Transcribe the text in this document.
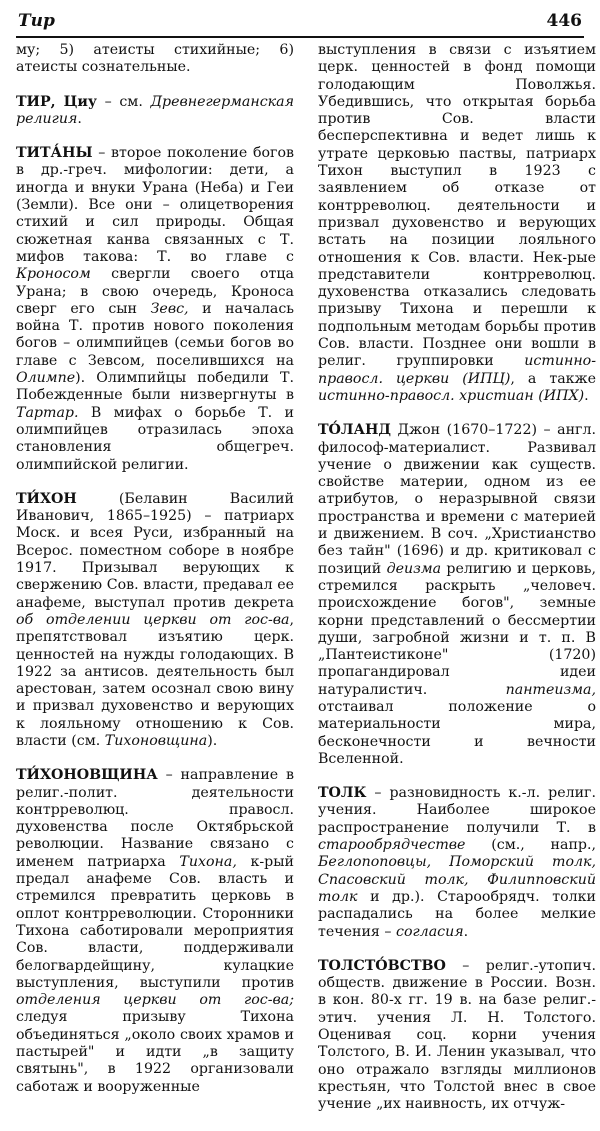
Тир	446

му; 5) атеисты стихийные; 6) атеисты сознательные.

ТИР, Циу – см. Древнегерманская религия.

ТИТА́НЫ – второе поколение богов в др.-греч. мифологии: дети, а иногда и внуки Урана (Неба) и Геи (Земли). Все они – олицетворения стихий и сил природы. Общая сюжетная канва связанных с Т. мифов такова: Т. во главе с Кроносом свергли своего отца Урана; в свою очередь, Кроноса сверг его сын Зевс, и началась война Т. против нового поколения богов – олимпийцев (семьи богов во главе с Зевсом, поселившихся на Олимпе). Олимпийцы победили Т. Побежденные были низвергнуты в Тартар. В мифах о борьбе Т. и олимпийцев отразилась эпоха становления общегреч. олимпийской религии.

ТИ́ХОН (Белавин Василий Иванович, 1865–1925) – патриарх Моск. и всея Руси, избранный на Всерос. поместном соборе в ноябре 1917. Призывал верующих к свержению Сов. власти, предавал ее анафеме, выступал против декрета об отделении церкви от гос-ва, препятствовал изъятию церк. ценностей на нужды голодающих. В 1922 за антисов. деятельность был арестован, затем осознал свою вину и призвал духовенство и верующих к лояльному отношению к Сов. власти (см. Тихоновщина).

ТИ́ХОНОВЩИНА – направление в религ.-полит. деятельности контрреволюц. правосл. духовенства после Октябрьской революции. Название связано с именем патриарха Тихона, к-рый предал анафеме Сов. власть и стремился превратить церковь в оплот контрреволюции. Сторонники Тихона саботировали мероприятия Сов. власти, поддерживали белогвардейщину, кулацкие выступления, выступили против отделения церкви от гос-ва; следуя призыву Тихона объединяться „около своих храмов и пастырей" и идти „в защиту святынь", в 1922 организовали саботаж и вооруженные

выступления в связи с изъятием церк. ценностей в фонд помощи голодающим Поволжья. Убедившись, что открытая борьба против Сов. власти бесперспективна и ведет лишь к утрате церковью паствы, патриарх Тихон выступил в 1923 с заявлением об отказе от контрреволюц. деятельности и призвал духовенство и верующих встать на позиции лояльного отношения к Сов. власти. Нек-рые представители контрреволюц. духовенства отказались следовать призыву Тихона и перешли к подпольным методам борьбы против Сов. власти. Позднее они вошли в религ. группировки истинно-правосл. церкви (ИПЦ), а также истинно-правосл. христиан (ИПХ).

ТО́ЛАНД Джон (1670–1722) – англ. философ-материалист. Развивал учение о движении как существ. свойстве материи, одном из ее атрибутов, о неразрывной связи пространства и времени с материей и движением. В соч. „Христианство без тайн" (1696) и др. критиковал с позиций деизма религию и церковь, стремился раскрыть „человеч. происхождение богов", земные корни представлений о бессмертии души, загробной жизни и т. п. В „Пантеистиконе" (1720) пропагандировал идеи натуралистич. пантеизма, отстаивал положение о материальности мира, бесконечности и вечности Вселенной.

ТОЛК – разновидность к.-л. религ. учения. Наиболее широкое распространение получили Т. в старообрядчестве (см., напр., Беглопоповцы, Поморский толк, Спасовский толк, Филипповский толк и др.). Старообрядч. толки распадались на более мелкие течения – согласия.

ТОЛСТО́ВСТВО – религ.-утопич. обществ. движение в России. Возн. в кон. 80-х гг. 19 в. на базе религ.-этич. учения Л. Н. Толстого. Оценивая соц. корни учения Толстого, В. И. Ленин указывал, что оно отражало взгляды миллионов крестьян, что Толстой внес в свое учение „их наивность, их отчуж-
